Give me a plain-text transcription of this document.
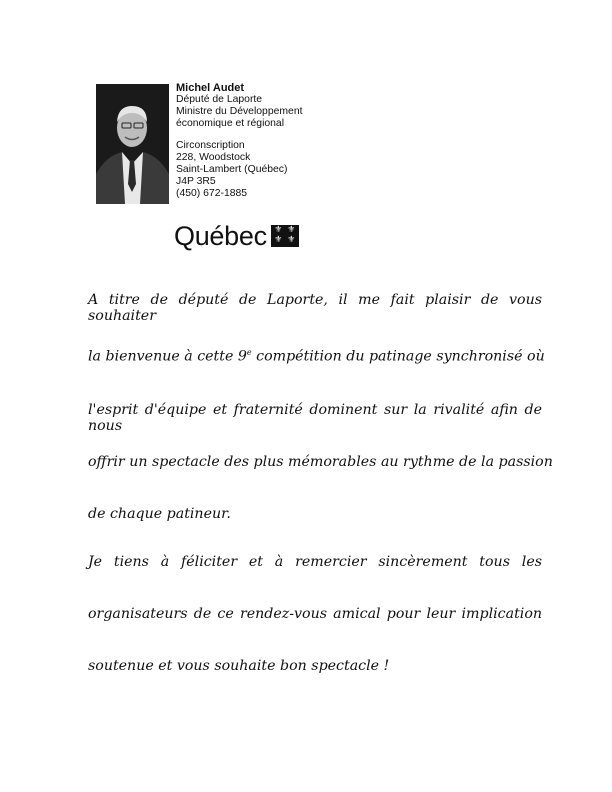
Michel Audet
Député de Laporte
Ministre du Développement
économique et régional
Circonscription
228, Woodstock
Saint-Lambert (Québec)
J4P 3R5
(450) 672-1885
Québec
⚜
⚜
⚜
⚜
A titre de député de Laporte, il me fait plaisir de vous souhaiter
la bienvenue à cette 9e compétition du patinage synchronisé où
l'esprit d'équipe et fraternité dominent sur la rivalité afin de nous
offrir un spectacle des plus mémorables au rythme de la passion
de chaque patineur.
Je tiens à féliciter et à remercier sincèrement tous les
organisateurs de ce rendez-vous amical pour leur implication
soutenue et vous souhaite bon spectacle !
